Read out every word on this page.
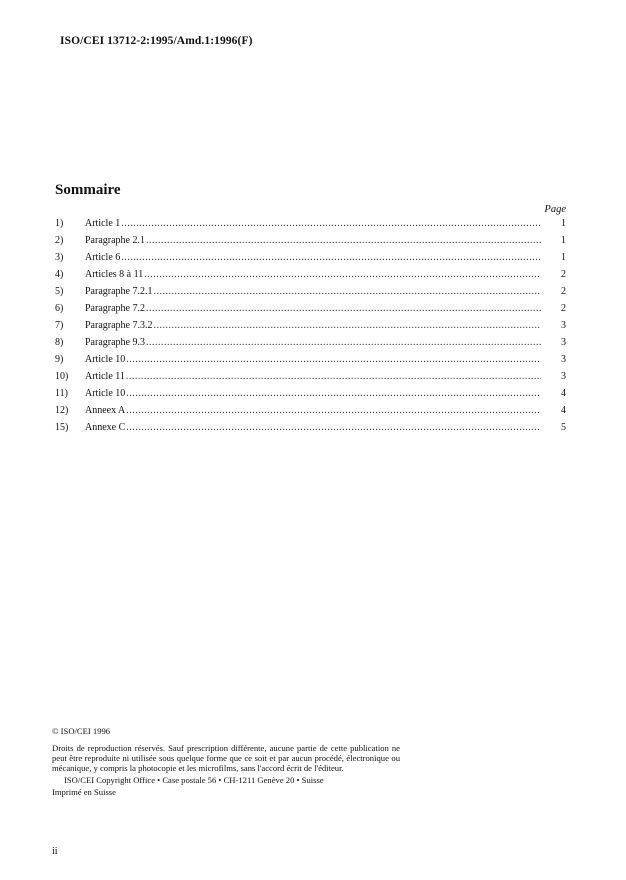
ISO/CEI 13712-2:1995/Amd.1:1996(F)
Sommaire
Page
1)	Article 1 .....	1
2)	Paragraphe 2.1 .....	1
3)	Article 6 .....	1
4)	Articles 8 à 11 .....	2
5)	Paragraphe 7.2.1 .....	2
6)	Paragraphe 7.2 .....	2
7)	Paragraphe 7.3.2 .....	3
8)	Paragraphe 9.3 .....	3
9)	Article 10 .....	3
10)	Article 11 .....	3
11)	Article 10 .....	4
12)	Anneex A .....	4
15)	Annexe C .....	5
© ISO/CEI 1996
Droits de reproduction réservés. Sauf prescription différente, aucune partie de cette publication ne peut être reproduite ni utilisée sous quelque forme que ce soit et par aucun procédé, électronique ou mécanique, y compris la photocopie et les microfilms, sans l'accord écrit de l'éditeur.
ISO/CEI Copyright Office • Case postale 56 • CH-1211 Genève 20 • Suisse
Imprimé en Suisse
ii
